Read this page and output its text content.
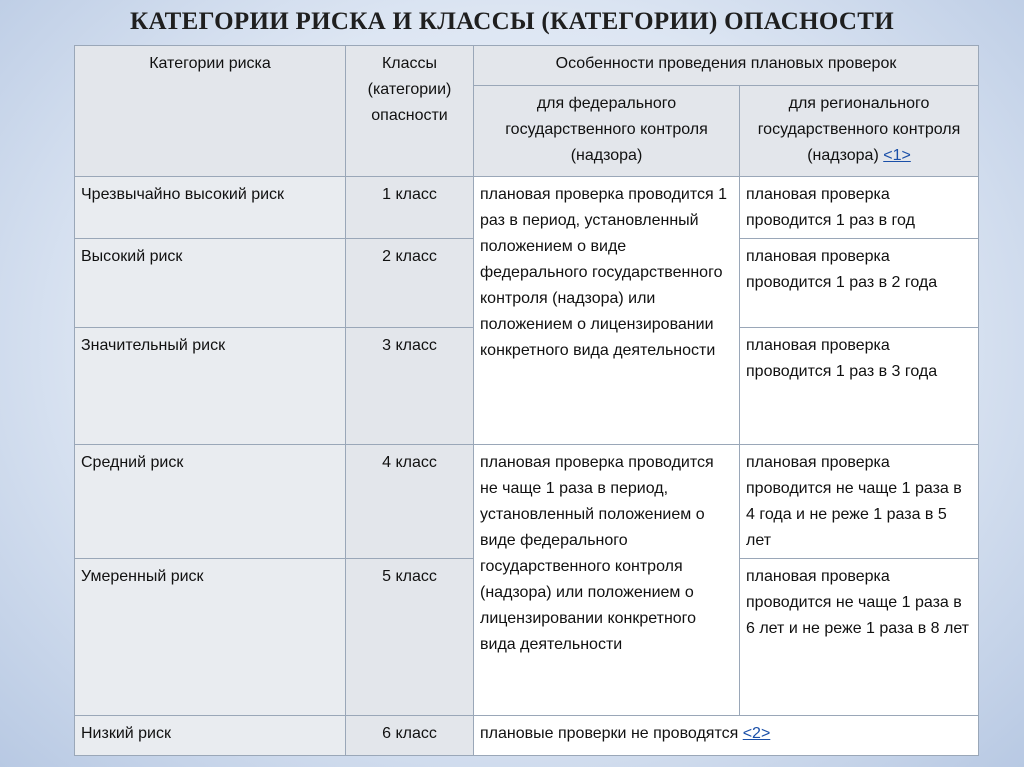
КАТЕГОРИИ РИСКА И КЛАССЫ (КАТЕГОРИИ) ОПАСНОСТИ
Категории риска	Классы (категории) опасности	Особенности проведения плановых проверок	
		для федерального государственного контроля (надзора)	для регионального государственного контроля (надзора) <1>
Чрезвычайно высокий риск	1 класс	плановая проверка проводится 1 раз в период, установленный положением о виде федерального государственного контроля (надзора) или положением о лицензировании конкретного вида деятельности	плановая проверка проводится 1 раз в год
Высокий риск	2 класс		плановая проверка проводится 1 раз в 2 года
Значительный риск	3 класс		плановая проверка проводится 1 раз в 3 года
Средний риск	4 класс	плановая проверка проводится не чаще 1 раза в период, установленный положением о виде федерального государственного контроля (надзора) или положением о лицензировании конкретного вида деятельности	плановая проверка проводится не чаще 1 раза в 4 года и не реже 1 раза в 5 лет
Умеренный риск	5 класс		плановая проверка проводится не чаще 1 раза в 6 лет и не реже 1 раза в 8 лет
Низкий риск	6 класс	плановые проверки не проводятся <2>	
